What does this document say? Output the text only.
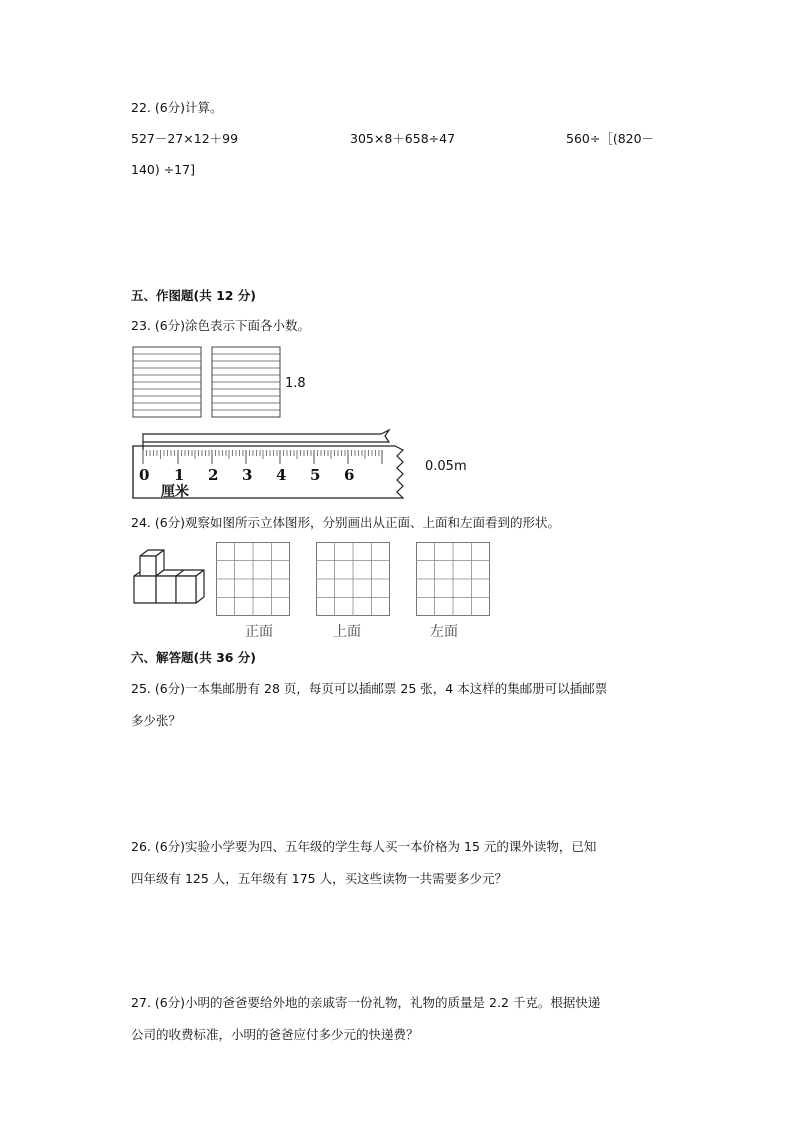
22. (6分)计算。
527－27×12＋99	305×8＋658÷47	560÷［(820－
140) ÷17]
五、作图题(共 12 分)
23. (6分)涂色表示下面各小数。
1.8
0 1 2 3 4 5 6
厘米
0.05m
24. (6分)观察如图所示立体图形，分别画出从正面、上面和左面看到的形状。
正面	上面	左面
六、解答题(共 36 分)
25. (6分)一本集邮册有 28 页，每页可以插邮票 25 张，4 本这样的集邮册可以插邮票
多少张？
26. (6分)实验小学要为四、五年级的学生每人买一本价格为 15 元的课外读物，已知
四年级有 125 人，五年级有 175 人，买这些读物一共需要多少元？
27. (6分)小明的爸爸要给外地的亲戚寄一份礼物，礼物的质量是 2.2 千克。根据快递
公司的收费标准，小明的爸爸应付多少元的快递费？
